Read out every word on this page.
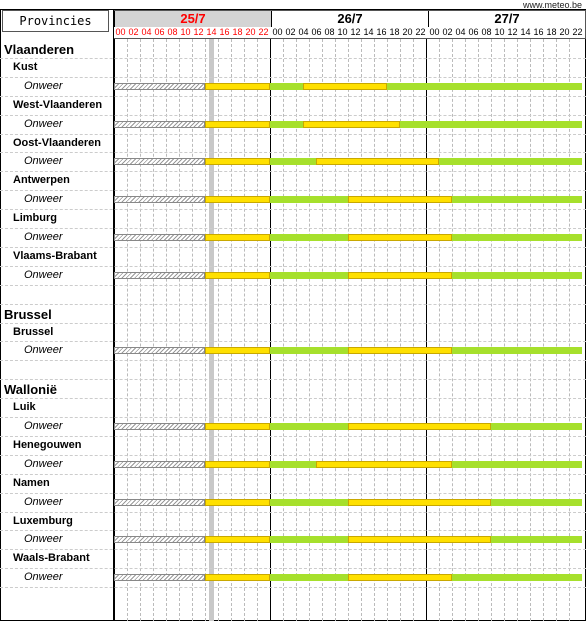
www.meteo.be
Provincies	25/7	26/7	27/7
00 02 04 06 08 10 12 14 16 18 20 22 00 02 04 06 08 10 12 14 16 18 20 22 00 02 04 06 08 10 12 14 16 18 20 22
Vlaanderen
Kust
Onweer
West-Vlaanderen
Onweer
Oost-Vlaanderen
Onweer
Antwerpen
Onweer
Limburg
Onweer
Vlaams-Brabant
Onweer
Brussel
Brussel
Onweer
Wallonië
Luik
Onweer
Henegouwen
Onweer
Namen
Onweer
Luxemburg
Onweer
Waals-Brabant
Onweer
